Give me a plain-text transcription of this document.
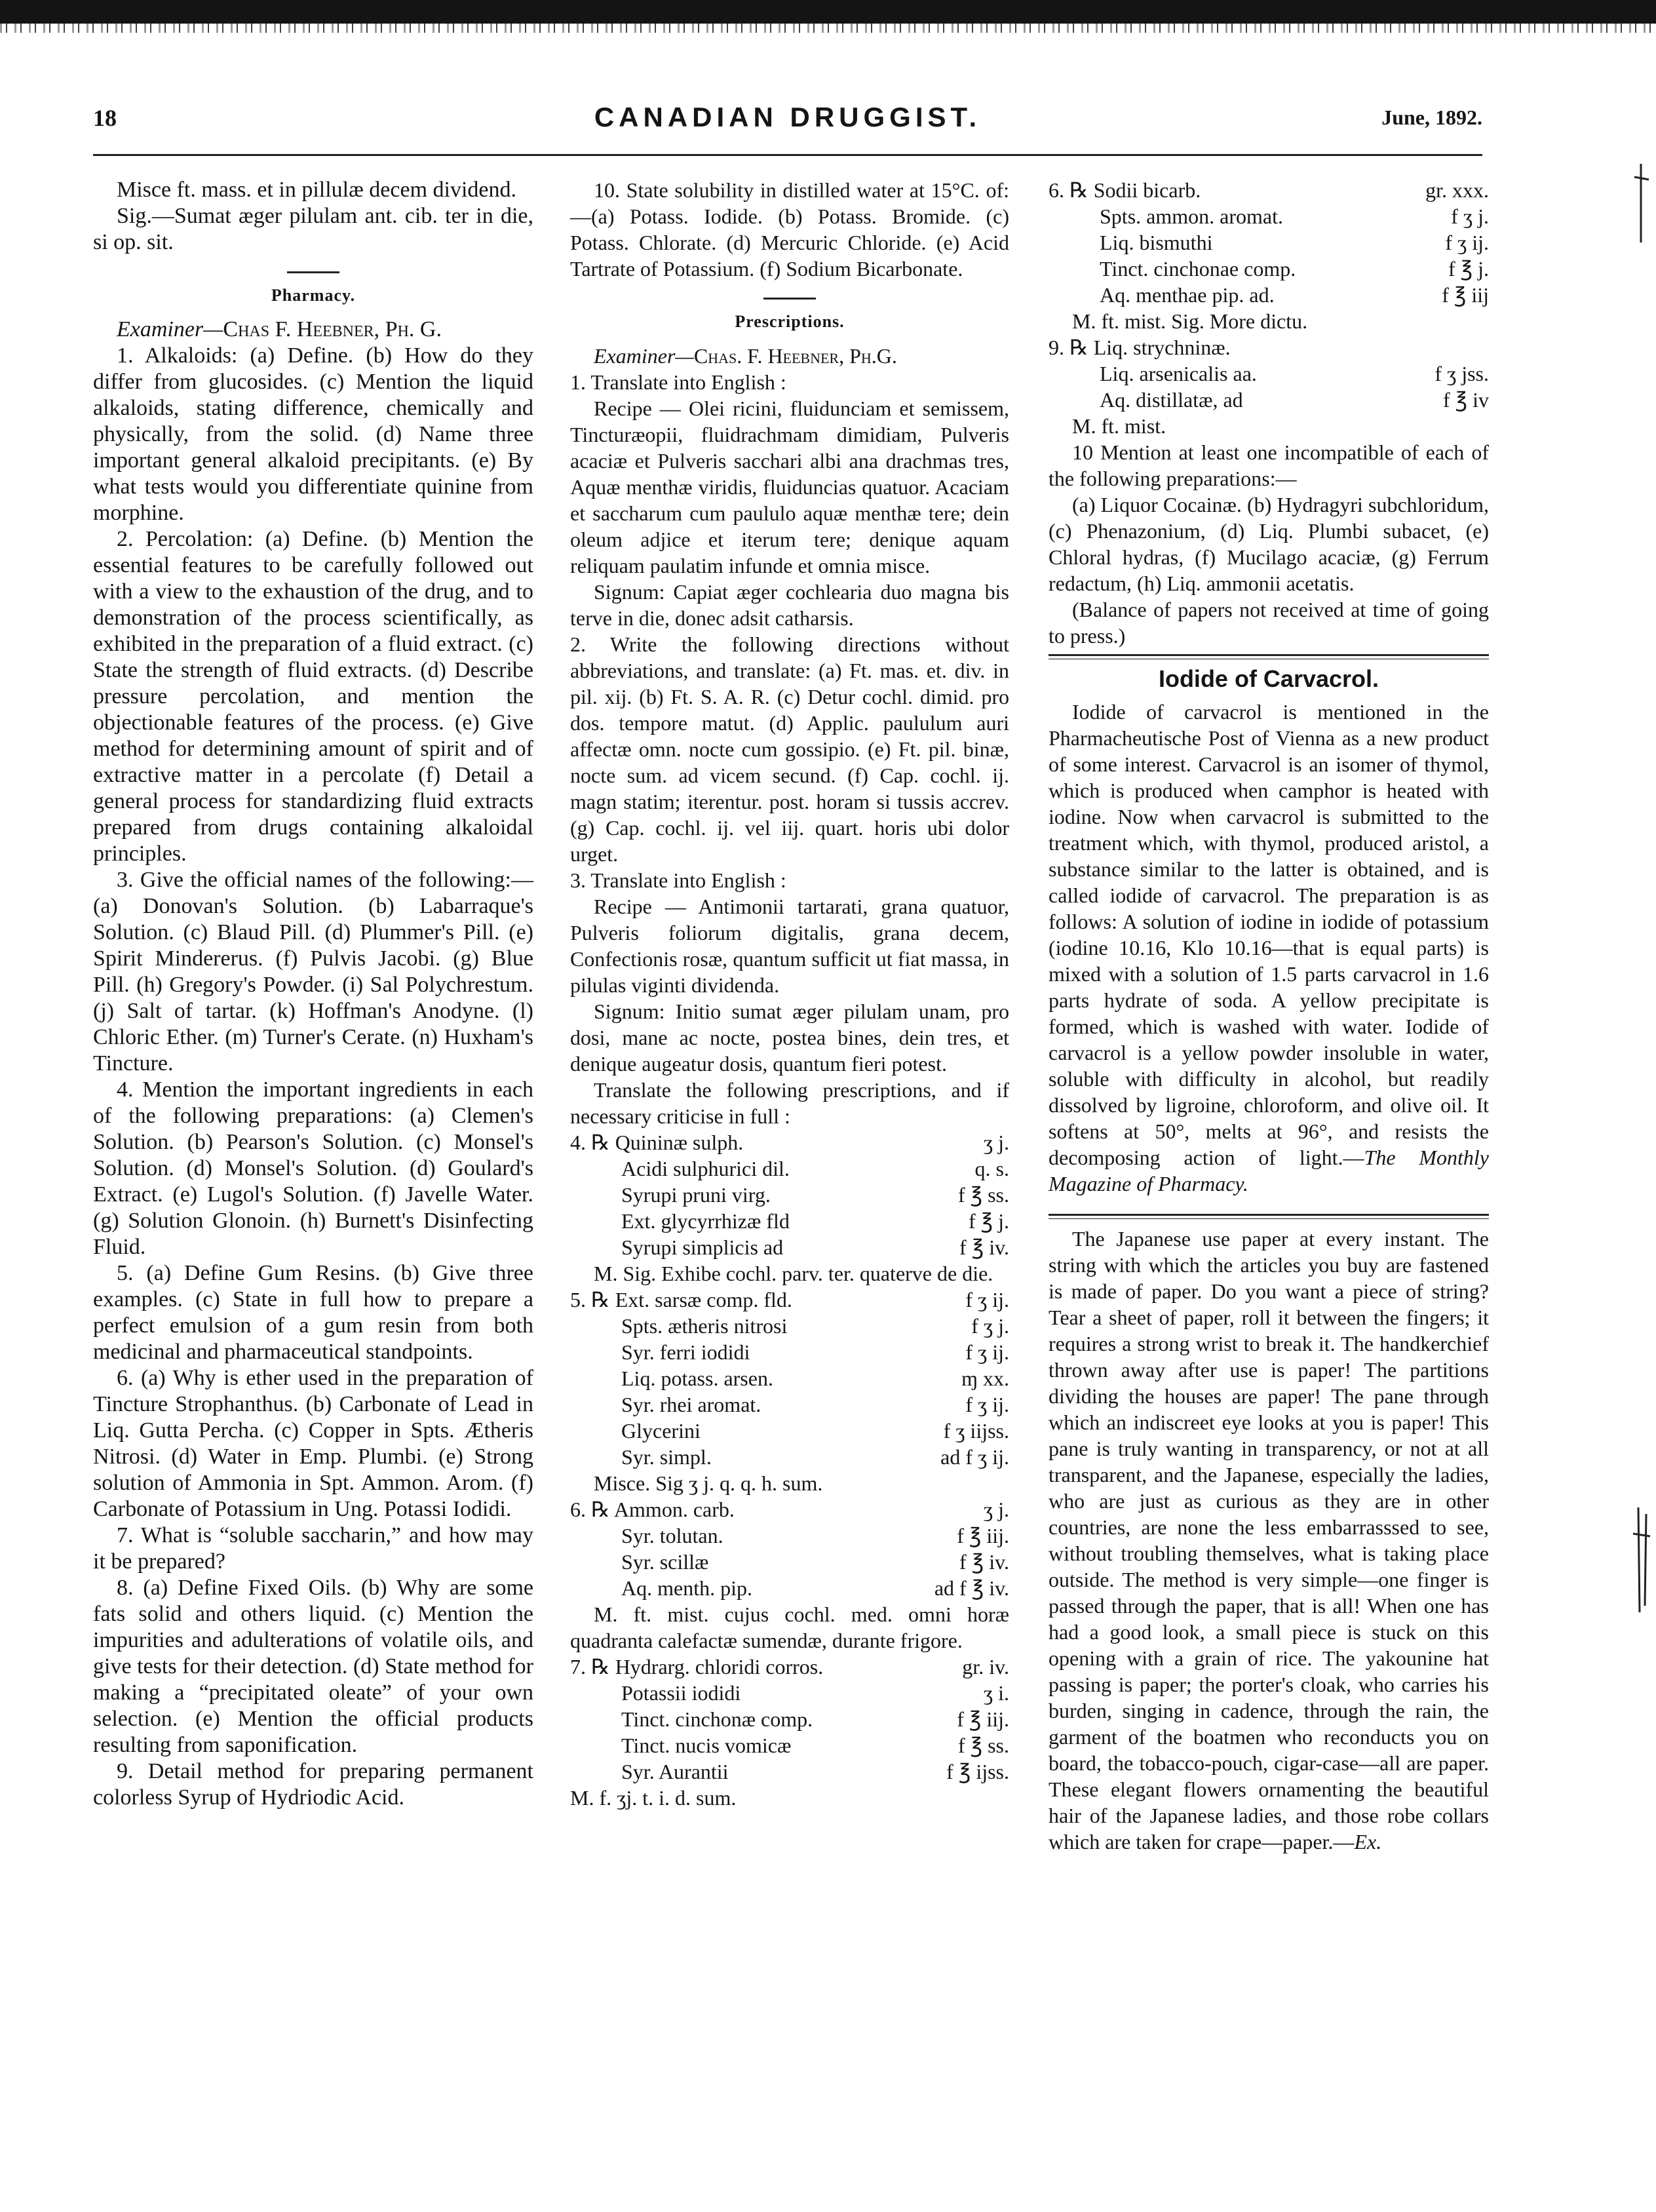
18	CANADIAN DRUGGIST.	June, 1892.

Misce ft. mass. et in pillulæ decem dividend.

Sig.—Sumat æger pilulam ant. cib. ter in die, si op. sit.

Pharmacy.

Examiner—Chas F. Heebner, Ph. G.

1. Alkaloids: (a) Define. (b) How do they differ from glucosides. (c) Mention the liquid alkaloids, stating difference, chemically and physically, from the solid. (d) Name three important general alkaloid precipitants. (e) By what tests would you differentiate quinine from morphine.

2. Percolation: (a) Define. (b) Mention the essential features to be carefully followed out with a view to the exhaustion of the drug, and to demonstration of the process scientifically, as exhibited in the preparation of a fluid extract. (c) State the strength of fluid extracts. (d) Describe pressure percolation, and mention the objectionable features of the process. (e) Give method for determining amount of spirit and of extractive matter in a percolate (f) Detail a general process for standardizing fluid extracts prepared from drugs containing alkaloidal principles.

3. Give the official names of the following:—(a) Donovan's Solution. (b) Labarraque's Solution. (c) Blaud Pill. (d) Plummer's Pill. (e) Spirit Mindererus. (f) Pulvis Jacobi. (g) Blue Pill. (h) Gregory's Powder. (i) Sal Polychrestum. (j) Salt of tartar. (k) Hoffman's Anodyne. (l) Chloric Ether. (m) Turner's Cerate. (n) Huxham's Tincture.

4. Mention the important ingredients in each of the following preparations: (a) Clemen's Solution. (b) Pearson's Solution. (c) Monsel's Solution. (d) Monsel's Solution. (d) Goulard's Extract. (e) Lugol's Solution. (f) Javelle Water. (g) Solution Glonoin. (h) Burnett's Disinfecting Fluid.

5. (a) Define Gum Resins. (b) Give three examples. (c) State in full how to prepare a perfect emulsion of a gum resin from both medicinal and pharmaceutical standpoints.

6. (a) Why is ether used in the preparation of Tincture Strophanthus. (b) Carbonate of Lead in Liq. Gutta Percha. (c) Copper in Spts. Ætheris Nitrosi. (d) Water in Emp. Plumbi. (e) Strong solution of Ammonia in Spt. Ammon. Arom. (f) Carbonate of Potassium in Ung. Potassi Iodidi.

7. What is “soluble saccharin,” and how may it be prepared?

8. (a) Define Fixed Oils. (b) Why are some fats solid and others liquid. (c) Mention the impurities and adulterations of volatile oils, and give tests for their detection. (d) State method for making a “precipitated oleate” of your own selection. (e) Mention the official products resulting from saponification.

9. Detail method for preparing permanent colorless Syrup of Hydriodic Acid.

10. State solubility in distilled water at 15°C. of:—(a) Potass. Iodide. (b) Potass. Bromide. (c) Potass. Chlorate. (d) Mercuric Chloride. (e) Acid Tartrate of Potassium. (f) Sodium Bicarbonate.

Prescriptions.

Examiner—Chas. F. Heebner, Ph.G.

1. Translate into English :

Recipe — Olei ricini, fluidunciam et semissem, Tincturæopii, fluidrachmam dimidiam, Pulveris acaciæ et Pulveris sacchari albi ana drachmas tres, Aquæ menthæ viridis, fluiduncias quatuor. Acaciam et saccharum cum paululo aquæ menthæ tere; dein oleum adjice et iterum tere; denique aquam reliquam paulatim infunde et omnia misce.

Signum: Capiat æger cochlearia duo magna bis terve in die, donec adsit catharsis.

2. Write the following directions without abbreviations, and translate: (a) Ft. mas. et. div. in pil. xij. (b) Ft. S. A. R. (c) Detur cochl. dimid. pro dos. tempore matut. (d) Applic. paululum auri affectæ omn. nocte cum gossipio. (e) Ft. pil. binæ, nocte sum. ad vicem secund. (f) Cap. cochl. ij. magn statim; iterentur. post. horam si tussis accrev. (g) Cap. cochl. ij. vel iij. quart. horis ubi dolor urget.

3. Translate into English :

Recipe — Antimonii tartarati, grana quatuor, Pulveris foliorum digitalis, grana decem, Confectionis rosæ, quantum sufficit ut fiat massa, in pilulas viginti dividenda.

Signum: Initio sumat æger pilulam unam, pro dosi, mane ac nocte, postea bines, dein tres, et denique augeatur dosis, quantum fieri potest.

Translate the following prescriptions, and if necessary criticise in full :

4. ℞ Quininæ sulph.	ʒ j.
Acidi sulphurici dil.	q. s.
Syrupi pruni virg.	f ℥ ss.
Ext. glycyrrhizæ fld	f ℥ j.
Syrupi simplicis ad	f ℥ iv.

M. Sig. Exhibe cochl. parv. ter. quaterve de die.

5. ℞ Ext. sarsæ comp. fld.	f ʒ ij.
Spts. ætheris nitrosi	f ʒ j.
Syr. ferri iodidi	f ʒ ij.
Liq. potass. arsen.	ɱ xx.
Syr. rhei aromat.	f ʒ ij.
Glycerini	f ʒ iijss.
Syr. simpl.	ad f ʒ ij.

Misce. Sig ʒ j. q. q. h. sum.

6. ℞ Ammon. carb.	ʒ j.
Syr. tolutan.	f ℥ iij.
Syr. scillæ	f ℥ iv.
Aq. menth. pip.	ad f ℥ iv.

M. ft. mist. cujus cochl. med. omni horæ quadranta calefactæ sumendæ, durante frigore.

7. ℞ Hydrarg. chloridi corros.	gr. iv.
Potassii iodidi	ʒ i.
Tinct. cinchonæ comp.	f ℥ iij.
Tinct. nucis vomicæ	f ℥ ss.
Syr. Aurantii	f ℥ ijss.

M. f. ʒj. t. i. d. sum.

6. ℞ Sodii bicarb.	gr. xxx.
Spts. ammon. aromat.	f ʒ j.
Liq. bismuthi	f ʒ ij.
Tinct. cinchonae comp.	f ℥ j.
Aq. menthae pip. ad.	f ℥ iij

M. ft. mist. Sig. More dictu.

9. ℞ Liq. strychninæ.
Liq. arsenicalis aa.	f ʒ jss.
Aq. distillatæ, ad	f ℥ iv

M. ft. mist.

10 Mention at least one incompatible of each of the following preparations:—

(a) Liquor Cocainæ. (b) Hydragyri subchloridum, (c) Phenazonium, (d) Liq. Plumbi subacet, (e) Chloral hydras, (f) Mucilago acaciæ, (g) Ferrum redactum, (h) Liq. ammonii acetatis.

(Balance of papers not received at time of going to press.)

Iodide of Carvacrol.

Iodide of carvacrol is mentioned in the Pharmacheutische Post of Vienna as a new product of some interest. Carvacrol is an isomer of thymol, which is produced when camphor is heated with iodine. Now when carvacrol is submitted to the treatment which, with thymol, produced aristol, a substance similar to the latter is obtained, and is called iodide of carvacrol. The preparation is as follows: A solution of iodine in iodide of potassium (iodine 10.16, Klo 10.16—that is equal parts) is mixed with a solution of 1.5 parts carvacrol in 1.6 parts hydrate of soda. A yellow precipitate is formed, which is washed with water. Iodide of carvacrol is a yellow powder insoluble in water, soluble with difficulty in alcohol, but readily dissolved by ligroine, chloroform, and olive oil. It softens at 50°, melts at 96°, and resists the decomposing action of light.—The Monthly Magazine of Pharmacy.

The Japanese use paper at every instant. The string with which the articles you buy are fastened is made of paper. Do you want a piece of string? Tear a sheet of paper, roll it between the fingers; it requires a strong wrist to break it. The handkerchief thrown away after use is paper! The partitions dividing the houses are paper! The pane through which an indiscreet eye looks at you is paper! This pane is truly wanting in transparency, or not at all transparent, and the Japanese, especially the ladies, who are just as curious as they are in other countries, are none the less embarrasssed to see, without troubling themselves, what is taking place outside. The method is very simple—one finger is passed through the paper, that is all! When one has had a good look, a small piece is stuck on this opening with a grain of rice. The yakounine hat passing is paper; the porter's cloak, who carries his burden, singing in cadence, through the rain, the garment of the boatmen who reconducts you on board, the tobacco-pouch, cigar-case—all are paper. These elegant flowers ornamenting the beautiful hair of the Japanese ladies, and those robe collars which are taken for crape—paper.—Ex.
